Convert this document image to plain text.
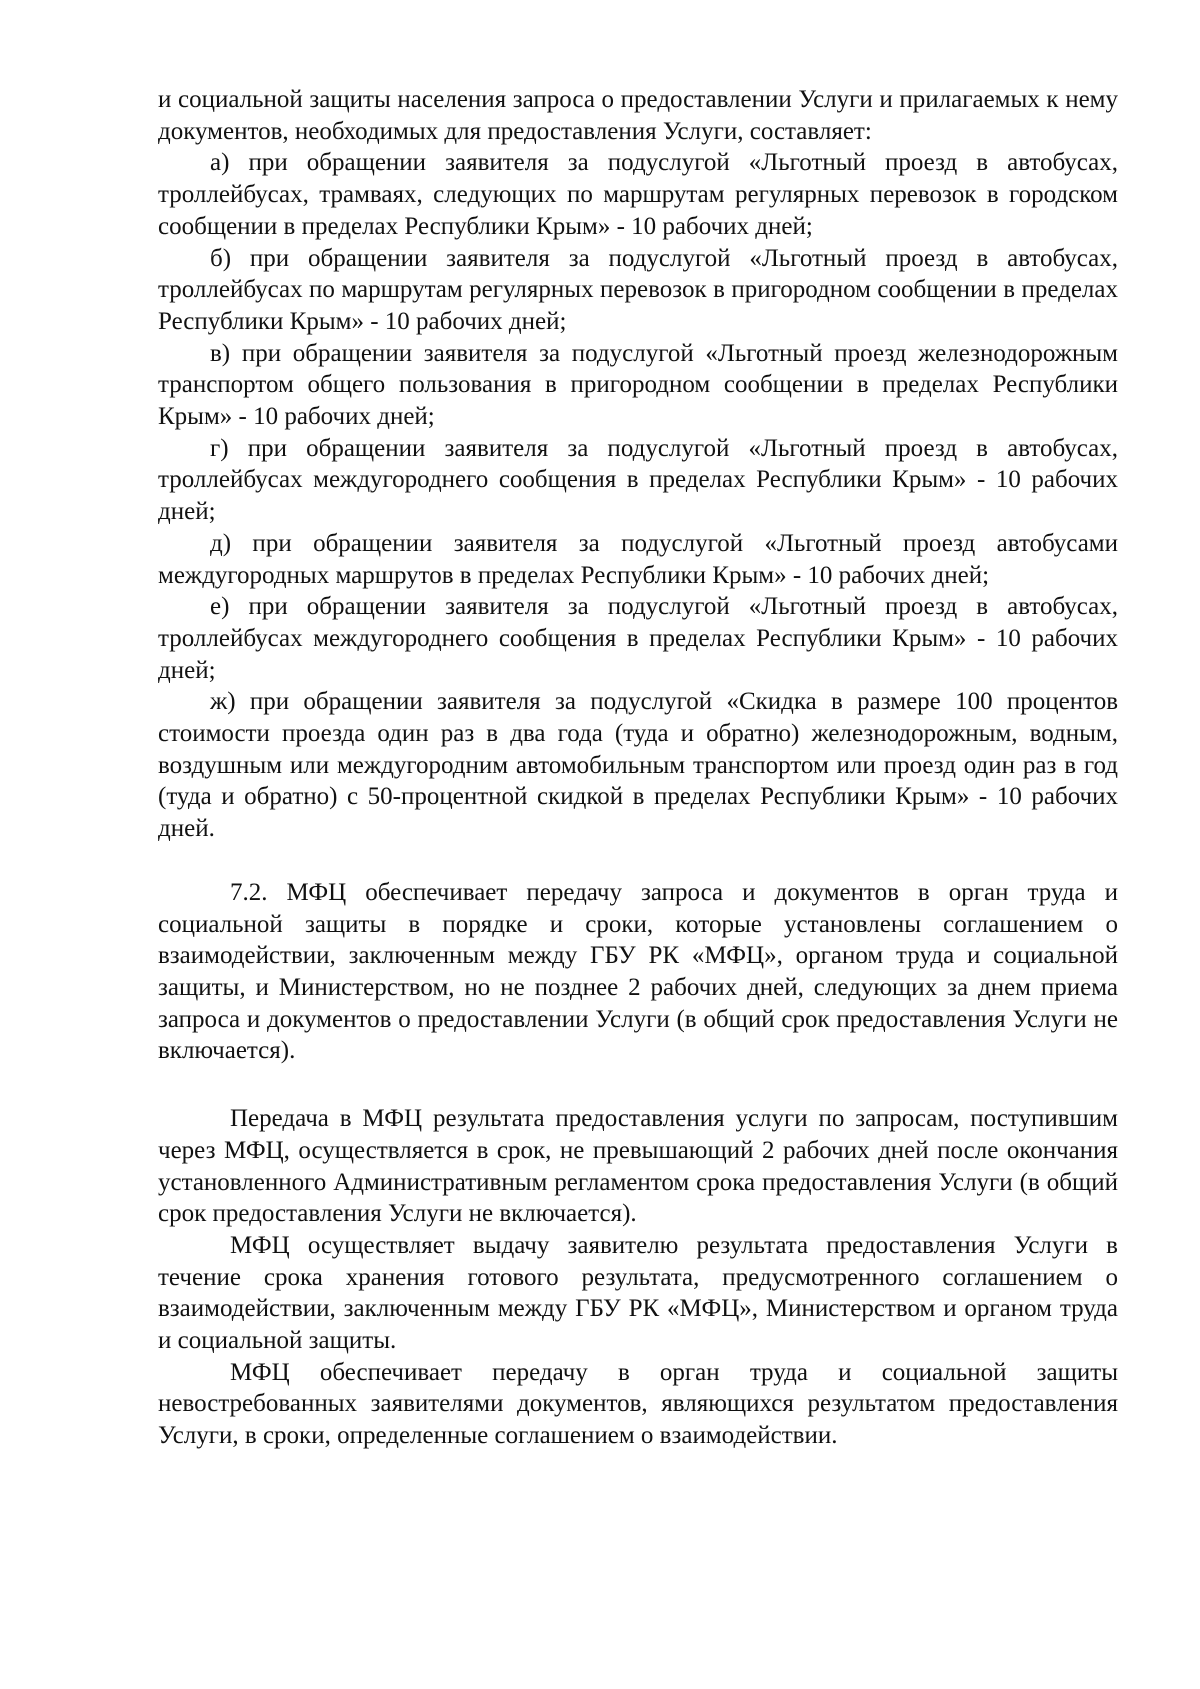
и социальной защиты населения запроса о предоставлении Услуги и прилагаемых к нему документов, необходимых для предоставления Услуги, составляет:

а) при обращении заявителя за подуслугой «Льготный проезд в автобусах, троллейбусах, трамваях, следующих по маршрутам регулярных перевозок в городском сообщении в пределах Республики Крым» - 10 рабочих дней;

б) при обращении заявителя за подуслугой «Льготный проезд в автобусах, троллейбусах по маршрутам регулярных перевозок в пригородном сообщении в пределах Республики Крым» - 10 рабочих дней;

в) при обращении заявителя за подуслугой «Льготный проезд железнодорожным транспортом общего пользования в пригородном сообщении в пределах Республики Крым» - 10 рабочих дней;

г) при обращении заявителя за подуслугой «Льготный проезд в автобусах, троллейбусах междугороднего сообщения в пределах Республики Крым» - 10 рабочих дней;

д) при обращении заявителя за подуслугой «Льготный проезд автобусами междугородных маршрутов в пределах Республики Крым» - 10 рабочих дней;

е) при обращении заявителя за подуслугой «Льготный проезд в автобусах, троллейбусах междугороднего сообщения в пределах Республики Крым» - 10 рабочих дней;

ж) при обращении заявителя за подуслугой «Скидка в размере 100 процентов стоимости проезда один раз в два года (туда и обратно) железнодорожным, водным, воздушным или междугородним автомобильным транспортом или проезд один раз в год (туда и обратно) с 50-процентной скидкой в пределах Республики Крым» - 10 рабочих дней.

7.2. МФЦ обеспечивает передачу запроса и документов в орган труда и социальной защиты в порядке и сроки, которые установлены соглашением о взаимодействии, заключенным между ГБУ РК «МФЦ», органом труда и социальной защиты, и Министерством, но не позднее 2 рабочих дней, следующих за днем приема запроса и документов о предоставлении Услуги (в общий срок предоставления Услуги не включается).

Передача в МФЦ результата предоставления услуги по запросам, поступившим через МФЦ, осуществляется в срок, не превышающий 2 рабочих дней после окончания установленного Административным регламентом срока предоставления Услуги (в общий срок предоставления Услуги не включается).

МФЦ осуществляет выдачу заявителю результата предоставления Услуги в течение срока хранения готового результата, предусмотренного соглашением о взаимодействии, заключенным между ГБУ РК «МФЦ», Министерством и органом труда и социальной защиты.

МФЦ обеспечивает передачу в орган труда и социальной защиты невостребованных заявителями документов, являющихся результатом предоставления Услуги, в сроки, определенные соглашением о взаимодействии.
